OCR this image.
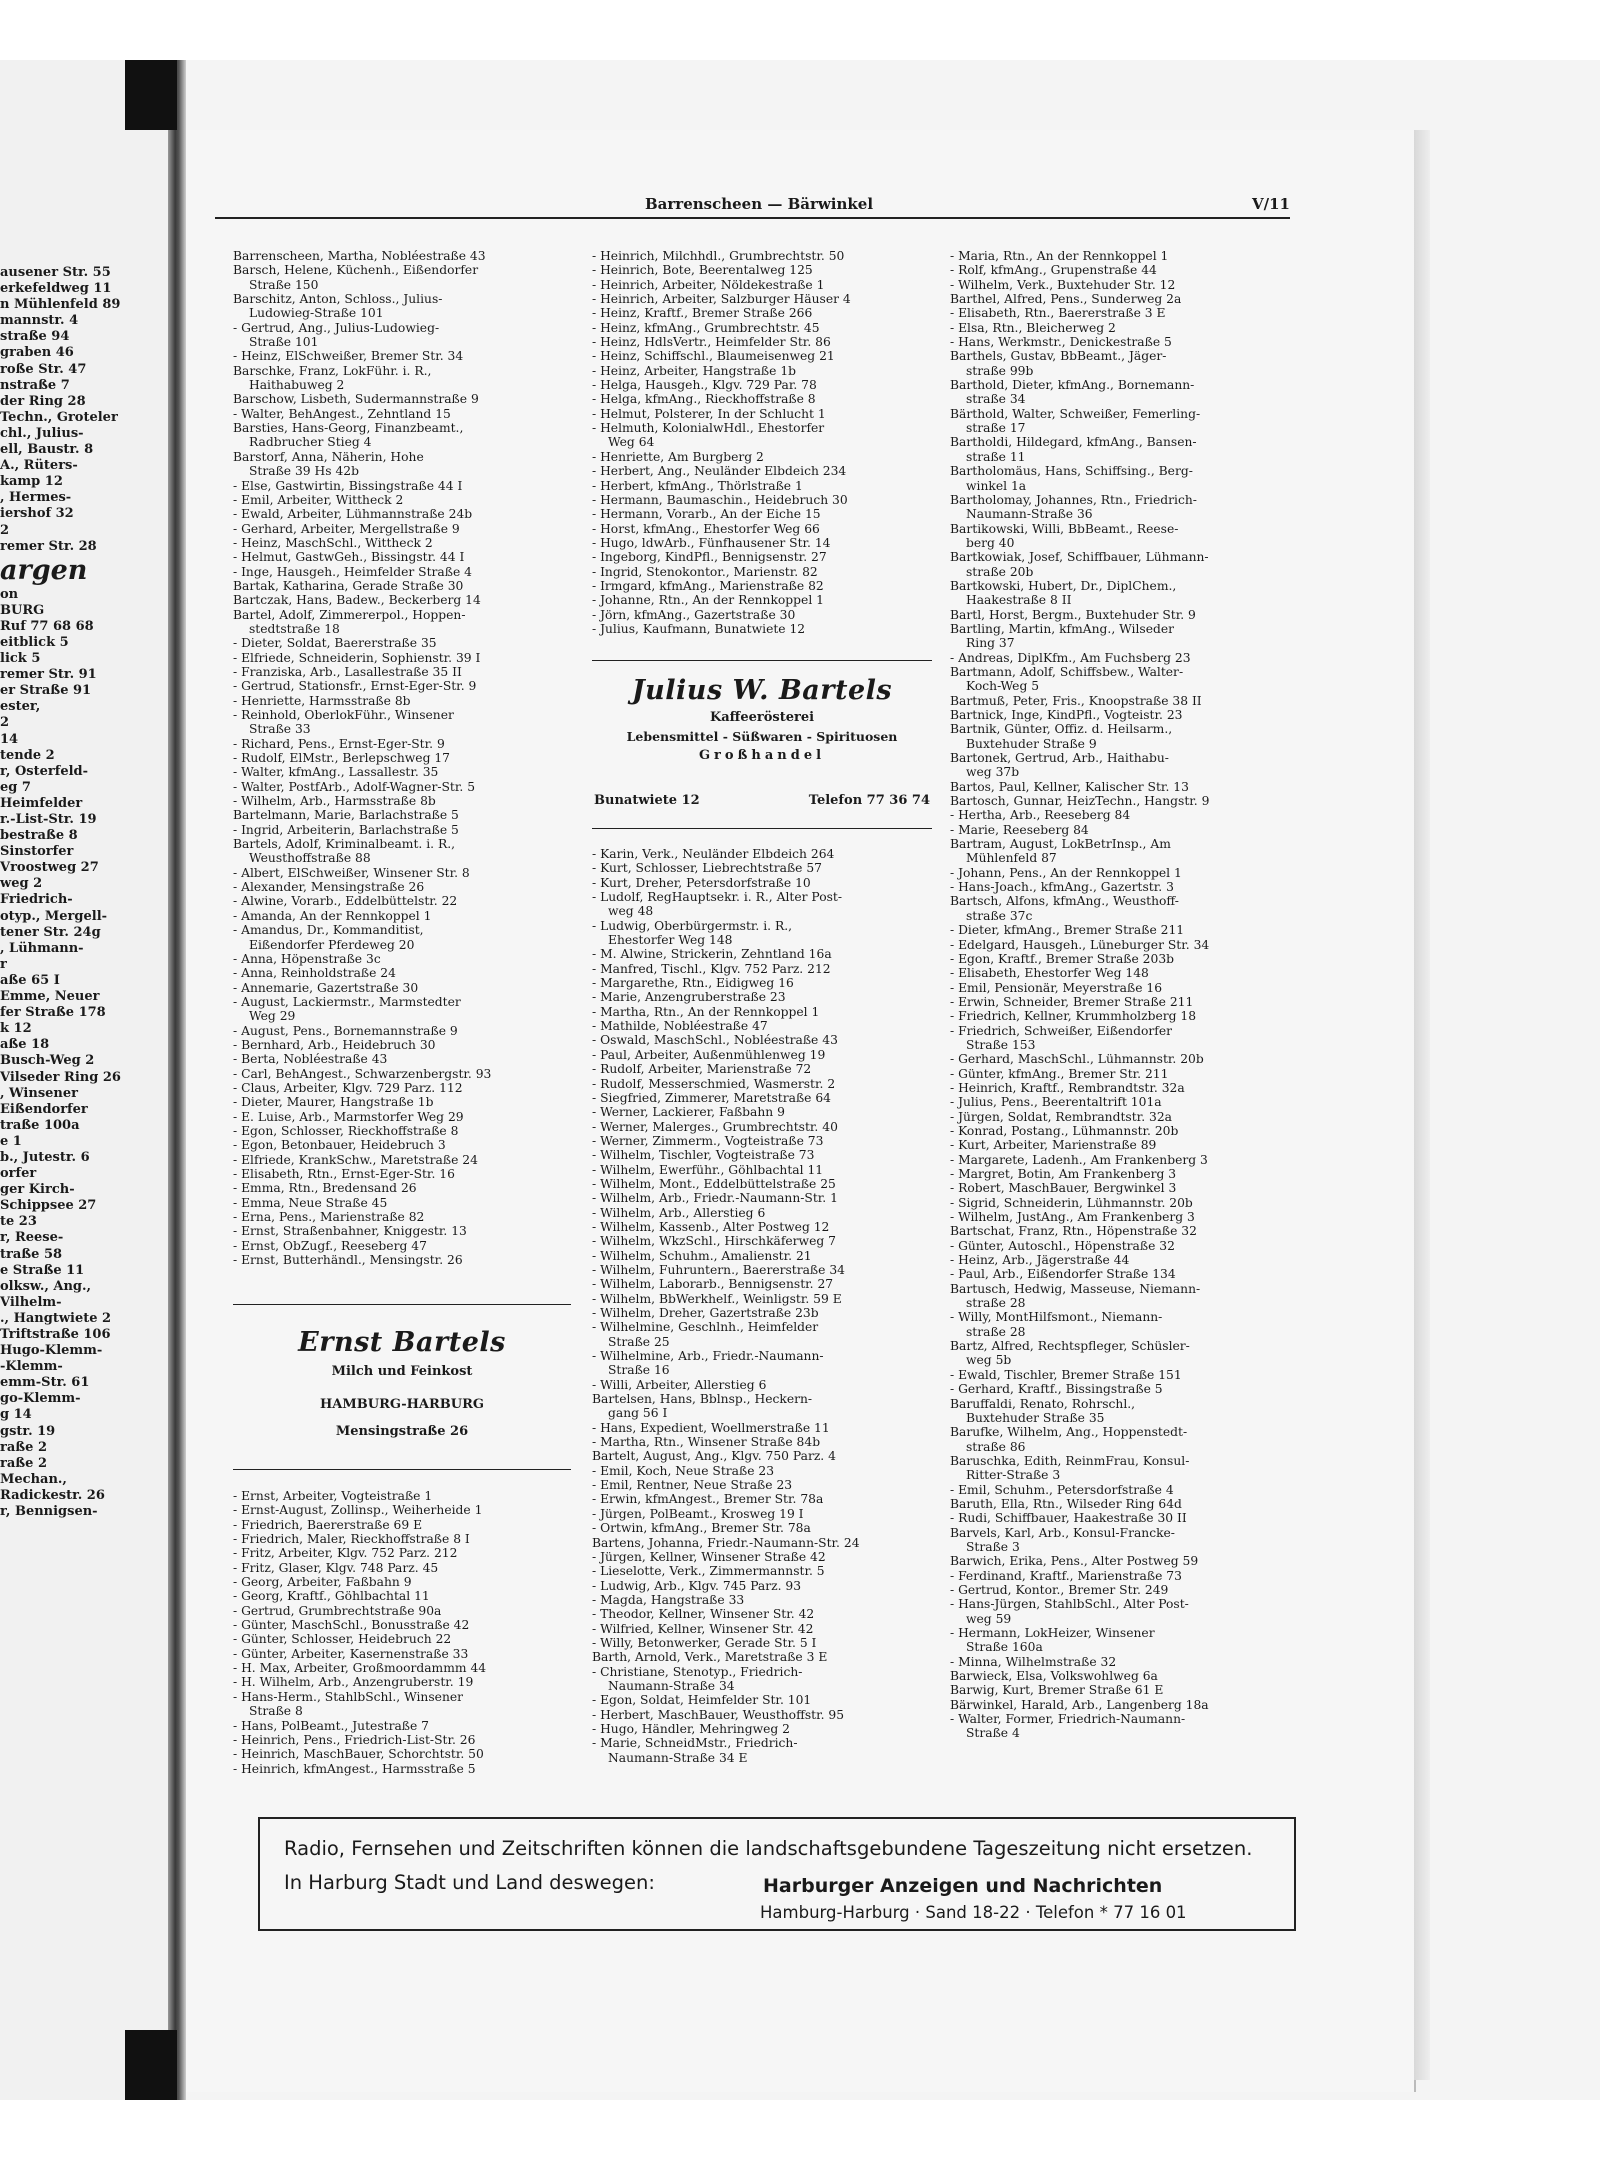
ausener Str. 55
erkefeldweg 11
n Mühlenfeld 89
mannstr. 4
straße 94
graben 46
roße Str. 47
nstraße 7
der Ring 28
Techn., Groteler
chl., Julius-
ell, Baustr. 8
A., Rüters-
kamp 12
, Hermes-
iershof 32
2
remer Str. 28
argen
on
BURG
Ruf 77 68 68
eitblick 5
lick 5
remer Str. 91
er Straße 91
ester,
2
14
tende 2
r, Osterfeld-
eg 7
Heimfelder
r.-List-Str. 19
bestraße 8
Sinstorfer
Vroostweg 27
weg 2
Friedrich-
otyp., Mergell-
tener Str. 24g
, Lühmann-
r
aße 65 I
Emme, Neuer
fer Straße 178
k 12
aße 18
Busch-Weg 2
Vilseder Ring 26
, Winsener
Eißendorfer
traße 100a
e 1
b., Jutestr. 6
orfer
ger Kirch-
Schippsee 27
te 23
r, Reese-
traße 58
e Straße 11
olksw., Ang.,
Vilhelm-
., Hangtwiete 2
Triftstraße 106
Hugo-Klemm-
-Klemm-
emm-Str. 61
go-Klemm-
g 14
gstr. 19
raße 2
raße 2
Mechan.,
Radickestr. 26
r, Bennigsen-
Barrenscheen — Bärwinkel	V/11
Barrenscheen, Martha, Nobléestraße 43
Barsch, Helene, Küchenh., Eißendorfer
Straße 150
Barschitz, Anton, Schloss., Julius-
Ludowieg-Straße 101
- Gertrud, Ang., Julius-Ludowieg-
Straße 101
- Heinz, ElSchweißer, Bremer Str. 34
Barschke, Franz, LokFühr. i. R.,
Haithabuweg 2
Barschow, Lisbeth, Sudermannstraße 9
- Walter, BehAngest., Zehntland 15
Barsties, Hans-Georg, Finanzbeamt.,
Radbrucher Stieg 4
Barstorf, Anna, Näherin, Hohe
Straße 39 Hs 42b
- Else, Gastwirtin, Bissingstraße 44 I
- Emil, Arbeiter, Wittheck 2
- Ewald, Arbeiter, Lühmannstraße 24b
- Gerhard, Arbeiter, Mergellstraße 9
- Heinz, MaschSchl., Wittheck 2
- Helmut, GastwGeh., Bissingstr. 44 I
- Inge, Hausgeh., Heimfelder Straße 4
Bartak, Katharina, Gerade Straße 30
Bartczak, Hans, Badew., Beckerberg 14
Bartel, Adolf, Zimmererpol., Hoppen-
stedtstraße 18
- Dieter, Soldat, Baererstraße 35
- Elfriede, Schneiderin, Sophienstr. 39 I
- Franziska, Arb., Lasallestraße 35 II
- Gertrud, Stationsfr., Ernst-Eger-Str. 9
- Henriette, Harmsstraße 8b
- Reinhold, OberlokFühr., Winsener
Straße 33
- Richard, Pens., Ernst-Eger-Str. 9
- Rudolf, ElMstr., Berlepschweg 17
- Walter, kfmAng., Lassallestr. 35
- Walter, PostfArb., Adolf-Wagner-Str. 5
- Wilhelm, Arb., Harmsstraße 8b
Bartelmann, Marie, Barlachstraße 5
- Ingrid, Arbeiterin, Barlachstraße 5
Bartels, Adolf, Kriminalbeamt. i. R.,
Weusthoffstraße 88
- Albert, ElSchweißer, Winsener Str. 8
- Alexander, Mensingstraße 26
- Alwine, Vorarb., Eddelbüttelstr. 22
- Amanda, An der Rennkoppel 1
- Amandus, Dr., Kommanditist,
Eißendorfer Pferdeweg 20
- Anna, Höpenstraße 3c
- Anna, Reinholdstraße 24
- Annemarie, Gazertstraße 30
- August, Lackiermstr., Marmstedter
Weg 29
- August, Pens., Bornemannstraße 9
- Bernhard, Arb., Heidebruch 30
- Berta, Nobléestraße 43
- Carl, BehAngest., Schwarzenbergstr. 93
- Claus, Arbeiter, Klgv. 729 Parz. 112
- Dieter, Maurer, Hangstraße 1b
- E. Luise, Arb., Marmstorfer Weg 29
- Egon, Schlosser, Rieckhoffstraße 8
- Egon, Betonbauer, Heidebruch 3
- Elfriede, KrankSchw., Maretstraße 24
- Elisabeth, Rtn., Ernst-Eger-Str. 16
- Emma, Rtn., Bredensand 26
- Emma, Neue Straße 45
- Erna, Pens., Marienstraße 82
- Ernst, Straßenbahner, Kniggestr. 13
- Ernst, ObZugf., Reeseberg 47
- Ernst, Butterhändl., Mensingstr. 26
Ernst Bartels
Milch und Feinkost
HAMBURG-HARBURG
Mensingstraße 26
- Ernst, Arbeiter, Vogteistraße 1
- Ernst-August, Zollinsp., Weiherheide 1
- Friedrich, Baererstraße 69 E
- Friedrich, Maler, Rieckhoffstraße 8 I
- Fritz, Arbeiter, Klgv. 752 Parz. 212
- Fritz, Glaser, Klgv. 748 Parz. 45
- Georg, Arbeiter, Faßbahn 9
- Georg, Kraftf., Göhlbachtal 11
- Gertrud, Grumbrechtstraße 90a
- Günter, MaschSchl., Bonusstraße 42
- Günter, Schlosser, Heidebruch 22
- Günter, Arbeiter, Kasernenstraße 33
- H. Max, Arbeiter, Großmoordammm 44
- H. Wilhelm, Arb., Anzengruberstr. 19
- Hans-Herm., StahlbSchl., Winsener
Straße 8
- Hans, PolBeamt., Jutestraße 7
- Heinrich, Pens., Friedrich-List-Str. 26
- Heinrich, MaschBauer, Schorchtstr. 50
- Heinrich, kfmAngest., Harmsstraße 5
- Heinrich, Milchhdl., Grumbrechtstr. 50
- Heinrich, Bote, Beerentalweg 125
- Heinrich, Arbeiter, Nöldekestraße 1
- Heinrich, Arbeiter, Salzburger Häuser 4
- Heinz, Kraftf., Bremer Straße 266
- Heinz, kfmAng., Grumbrechtstr. 45
- Heinz, HdlsVertr., Heimfelder Str. 86
- Heinz, Schiffschl., Blaumeisenweg 21
- Heinz, Arbeiter, Hangstraße 1b
- Helga, Hausgeh., Klgv. 729 Par. 78
- Helga, kfmAng., Rieckhoffstraße 8
- Helmut, Polsterer, In der Schlucht 1
- Helmuth, KolonialwHdl., Ehestorfer
Weg 64
- Henriette, Am Burgberg 2
- Herbert, Ang., Neuländer Elbdeich 234
- Herbert, kfmAng., Thörlstraße 1
- Hermann, Baumaschin., Heidebruch 30
- Hermann, Vorarb., An der Eiche 15
- Horst, kfmAng., Ehestorfer Weg 66
- Hugo, ldwArb., Fünfhausener Str. 14
- Ingeborg, KindPfl., Bennigsenstr. 27
- Ingrid, Stenokontor., Marienstr. 82
- Irmgard, kfmAng., Marienstraße 82
- Johanne, Rtn., An der Rennkoppel 1
- Jörn, kfmAng., Gazertstraße 30
- Julius, Kaufmann, Bunatwiete 12
Julius W. Bartels
Kaffeerösterei
Lebensmittel - Süßwaren - Spirituosen
Großhandel
Bunatwiete 12	Telefon 77 36 74
- Karin, Verk., Neuländer Elbdeich 264
- Kurt, Schlosser, Liebrechtstraße 57
- Kurt, Dreher, Petersdorfstraße 10
- Ludolf, RegHauptsekr. i. R., Alter Post-
weg 48
- Ludwig, Oberbürgermstr. i. R.,
Ehestorfer Weg 148
- M. Alwine, Strickerin, Zehntland 16a
- Manfred, Tischl., Klgv. 752 Parz. 212
- Margarethe, Rtn., Eidigweg 16
- Marie, Anzengruberstraße 23
- Martha, Rtn., An der Rennkoppel 1
- Mathilde, Nobléestraße 47
- Oswald, MaschSchl., Nobléestraße 43
- Paul, Arbeiter, Außenmühlenweg 19
- Rudolf, Arbeiter, Marienstraße 72
- Rudolf, Messerschmied, Wasmerstr. 2
- Siegfried, Zimmerer, Maretstraße 64
- Werner, Lackierer, Faßbahn 9
- Werner, Malerges., Grumbrechtstr. 40
- Werner, Zimmerm., Vogteistraße 73
- Wilhelm, Tischler, Vogteistraße 73
- Wilhelm, Ewerführ., Göhlbachtal 11
- Wilhelm, Mont., Eddelbüttelstraße 25
- Wilhelm, Arb., Friedr.-Naumann-Str. 1
- Wilhelm, Arb., Allerstieg 6
- Wilhelm, Kassenb., Alter Postweg 12
- Wilhelm, WkzSchl., Hirschkäferweg 7
- Wilhelm, Schuhm., Amalienstr. 21
- Wilhelm, Fuhruntern., Baererstraße 34
- Wilhelm, Laborarb., Bennigsenstr. 27
- Wilhelm, BbWerkhelf., Weinligstr. 59 E
- Wilhelm, Dreher, Gazertstraße 23b
- Wilhelmine, Geschlnh., Heimfelder
Straße 25
- Wilhelmine, Arb., Friedr.-Naumann-
Straße 16
- Willi, Arbeiter, Allerstieg 6
Bartelsen, Hans, Bblnsp., Heckern-
gang 56 I
- Hans, Expedient, Woellmerstraße 11
- Martha, Rtn., Winsener Straße 84b
Bartelt, August, Ang., Klgv. 750 Parz. 4
- Emil, Koch, Neue Straße 23
- Emil, Rentner, Neue Straße 23
- Erwin, kfmAngest., Bremer Str. 78a
- Jürgen, PolBeamt., Krosweg 19 I
- Ortwin, kfmAng., Bremer Str. 78a
Bartens, Johanna, Friedr.-Naumann-Str. 24
- Jürgen, Kellner, Winsener Straße 42
- Lieselotte, Verk., Zimmermannstr. 5
- Ludwig, Arb., Klgv. 745 Parz. 93
- Magda, Hangstraße 33
- Theodor, Kellner, Winsener Str. 42
- Wilfried, Kellner, Winsener Str. 42
- Willy, Betonwerker, Gerade Str. 5 I
Barth, Arnold, Verk., Maretstraße 3 E
- Christiane, Stenotyp., Friedrich-
Naumann-Straße 34
- Egon, Soldat, Heimfelder Str. 101
- Herbert, MaschBauer, Weusthoffstr. 95
- Hugo, Händler, Mehringweg 2
- Marie, SchneidMstr., Friedrich-
Naumann-Straße 34 E
- Maria, Rtn., An der Rennkoppel 1
- Rolf, kfmAng., Grupenstraße 44
- Wilhelm, Verk., Buxtehuder Str. 12
Barthel, Alfred, Pens., Sunderweg 2a
- Elisabeth, Rtn., Baererstraße 3 E
- Elsa, Rtn., Bleicherweg 2
- Hans, Werkmstr., Denickestraße 5
Barthels, Gustav, BbBeamt., Jäger-
straße 99b
Barthold, Dieter, kfmAng., Bornemann-
straße 34
Bärthold, Walter, Schweißer, Femerling-
straße 17
Bartholdi, Hildegard, kfmAng., Bansen-
straße 11
Bartholomäus, Hans, Schiffsing., Berg-
winkel 1a
Bartholomay, Johannes, Rtn., Friedrich-
Naumann-Straße 36
Bartikowski, Willi, BbBeamt., Reese-
berg 40
Bartkowiak, Josef, Schiffbauer, Lühmann-
straße 20b
Bartkowski, Hubert, Dr., DiplChem.,
Haakestraße 8 II
Bartl, Horst, Bergm., Buxtehuder Str. 9
Bartling, Martin, kfmAng., Wilseder
Ring 37
- Andreas, DiplKfm., Am Fuchsberg 23
Bartmann, Adolf, Schiffsbew., Walter-
Koch-Weg 5
Bartmuß, Peter, Fris., Knoopstraße 38 II
Bartnick, Inge, KindPfl., Vogteistr. 23
Bartnik, Günter, Offiz. d. Heilsarm.,
Buxtehuder Straße 9
Bartonek, Gertrud, Arb., Haithabu-
weg 37b
Bartos, Paul, Kellner, Kalischer Str. 13
Bartosch, Gunnar, HeizTechn., Hangstr. 9
- Hertha, Arb., Reeseberg 84
- Marie, Reeseberg 84
Bartram, August, LokBetrInsp., Am
Mühlenfeld 87
- Johann, Pens., An der Rennkoppel 1
- Hans-Joach., kfmAng., Gazertstr. 3
Bartsch, Alfons, kfmAng., Weusthoff-
straße 37c
- Dieter, kfmAng., Bremer Straße 211
- Edelgard, Hausgeh., Lüneburger Str. 34
- Egon, Kraftf., Bremer Straße 203b
- Elisabeth, Ehestorfer Weg 148
- Emil, Pensionär, Meyerstraße 16
- Erwin, Schneider, Bremer Straße 211
- Friedrich, Kellner, Krummholzberg 18
- Friedrich, Schweißer, Eißendorfer
Straße 153
- Gerhard, MaschSchl., Lühmannstr. 20b
- Günter, kfmAng., Bremer Str. 211
- Heinrich, Kraftf., Rembrandtstr. 32a
- Julius, Pens., Beerentaltrift 101a
- Jürgen, Soldat, Rembrandtstr. 32a
- Konrad, Postang., Lühmannstr. 20b
- Kurt, Arbeiter, Marienstraße 89
- Margarete, Ladenh., Am Frankenberg 3
- Margret, Botin, Am Frankenberg 3
- Robert, MaschBauer, Bergwinkel 3
- Sigrid, Schneiderin, Lühmannstr. 20b
- Wilhelm, JustAng., Am Frankenberg 3
Bartschat, Franz, Rtn., Höpenstraße 32
- Günter, Autoschl., Höpenstraße 32
- Heinz, Arb., Jägerstraße 44
- Paul, Arb., Eißendorfer Straße 134
Bartusch, Hedwig, Masseuse, Niemann-
straße 28
- Willy, MontHilfsmont., Niemann-
straße 28
Bartz, Alfred, Rechtspfleger, Schüsler-
weg 5b
- Ewald, Tischler, Bremer Straße 151
- Gerhard, Kraftf., Bissingstraße 5
Baruffaldi, Renato, Rohrschl.,
Buxtehuder Straße 35
Barufke, Wilhelm, Ang., Hoppenstedt-
straße 86
Baruschka, Edith, ReinmFrau, Konsul-
Ritter-Straße 3
- Emil, Schuhm., Petersdorfstraße 4
Baruth, Ella, Rtn., Wilseder Ring 64d
- Rudi, Schiffbauer, Haakestraße 30 II
Barvels, Karl, Arb., Konsul-Francke-
Straße 3
Barwich, Erika, Pens., Alter Postweg 59
- Ferdinand, Kraftf., Marienstraße 73
- Gertrud, Kontor., Bremer Str. 249
- Hans-Jürgen, StahlbSchl., Alter Post-
weg 59
- Hermann, LokHeizer, Winsener
Straße 160a
- Minna, Wilhelmstraße 32
Barwieck, Elsa, Volkswohlweg 6a
Barwig, Kurt, Bremer Straße 61 E
Bärwinkel, Harald, Arb., Langenberg 18a
- Walter, Former, Friedrich-Naumann-
Straße 4
Radio, Fernsehen und Zeitschriften können die landschaftsgebundene Tageszeitung nicht ersetzen.
In Harburg Stadt und Land deswegen:	Harburger Anzeigen und Nachrichten
Hamburg-Harburg · Sand 18-22 · Telefon * 77 16 01
